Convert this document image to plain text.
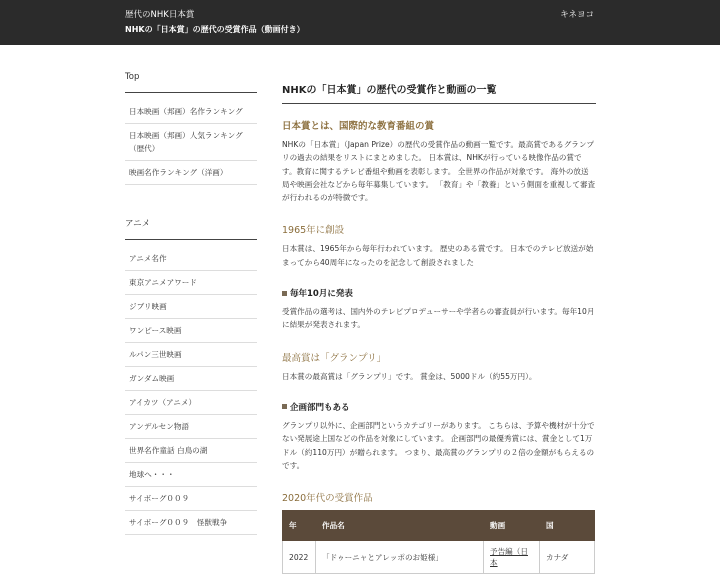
歴代のNHK日本賞
NHKの「日本賞」の歴代の受賞作品（動画付き）
キネヨコ
Top
日本映画（邦画）名作ランキング
日本映画（邦画）人気ランキング（歴代）
映画名作ランキング（洋画）
アニメ
アニメ名作
東京アニメアワード
ジブリ映画
ワンピース映画
ルパン三世映画
ガンダム映画
アイカツ（アニメ）
アンデルセン物語
世界名作童話 白鳥の湖
地球へ・・・
サイボーグ００９
サイボーグ００９　怪獣戦争
NHKの「日本賞」の歴代の受賞作と動画の一覧
日本賞とは、国際的な教育番組の賞

NHKの「日本賞」（Japan Prize）の歴代の受賞作品の動画一覧です。最高賞であるグランプリの過去の結果をリストにまとめました。 日本賞は、NHKが行っている映像作品の賞です。教育に関するテレビ番組や動画を表彰します。 全世界の作品が対象です。 海外の放送局や映画会社などから毎年募集しています。 「教育」や「教養」という側面を重視して審査が行われるのが特徴です。

1965年に創設

日本賞は、1965年から毎年行われています。 歴史のある賞です。 日本でのテレビ放送が始まってから40周年になったのを記念して創設されました

毎年10月に発表

受賞作品の選考は、国内外のテレビプロデューサーや学者らの審査員が行います。毎年10月に結果が発表されます。

最高賞は「グランプリ」

日本賞の最高賞は「グランプリ」です。 賞金は、5000ドル（約55万円）。

企画部門もある

グランプリ以外に、企画部門というカテゴリーがあります。 こちらは、予算や機材が十分でない発展途上国などの作品を対象にしています。 企画部門の最優秀賞には、賞金として1万ドル（約110万円）が贈られます。 つまり、最高賞のグランプリの２倍の金額がもらえるのです。

2020年代の受賞作品
年	作品名	動画	国
2022	「ドゥーニャとアレッポのお姫様」	予告編（日本	カナダ
